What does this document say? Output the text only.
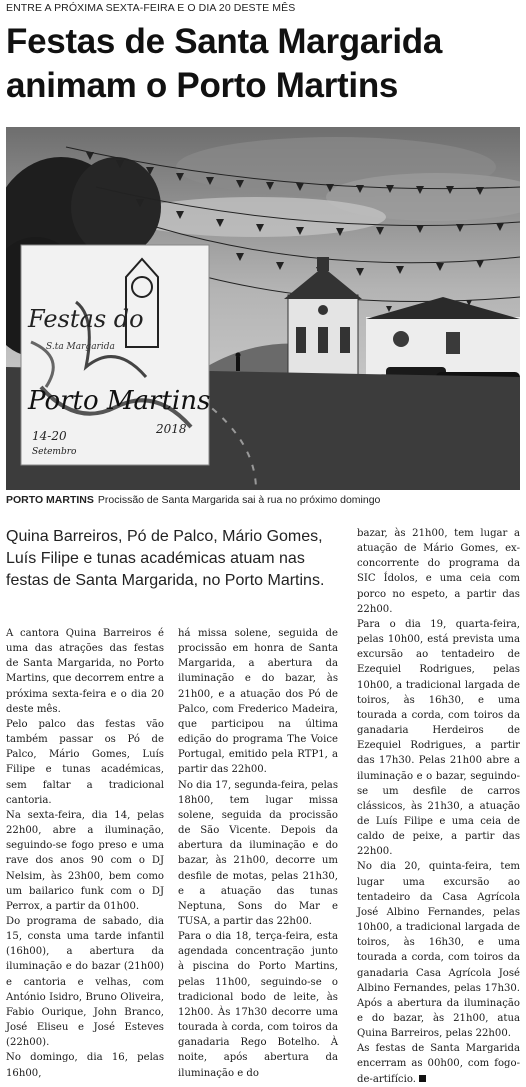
ENTRE A PRÓXIMA SEXTA-FEIRA E O DIA 20 DESTE MÊS
Festas de Santa Margarida
animam o Porto Martins
Festas do
S.ta Margarida
Porto Martins
14-20
Setembro
2018
PORTO MARTINS Procissão de Santa Margarida sai à rua no próximo domingo

Quina Barreiros, Pó de Palco, Mário Gomes, Luís Filipe e tunas académicas atuam nas festas de Santa Margarida, no Porto Martins.

A cantora Quina Barreiros é uma das atrações das festas de Santa Margarida, no Porto Martins, que decorrem entre a próxima sexta-feira e o dia 20 deste mês.

Pelo palco das festas vão também passar os Pó de Palco, Mário Gomes, Luís Filipe e tunas académicas, sem faltar a tradicional cantoria.

Na sexta-feira, dia 14, pelas 22h00, abre a iluminação, seguindo-se fogo preso e uma rave dos anos 90 com o DJ Nelsim, às 23h00, bem como um bailarico funk com o DJ Perrox, a partir da 01h00.

Do programa de sabado, dia 15, consta uma tarde infantil (16h00), a abertura da iluminação e do bazar (21h00) e cantoria e velhas, com António Isidro, Bruno Oliveira, Fabio Ourique, John Branco, José Eliseu e José Esteves (22h00).

No domingo, dia 16, pelas 16h00,

há missa solene, seguida de procissão em honra de Santa Margarida, a abertura da iluminação e do bazar, às 21h00, e a atuação dos Pó de Palco, com Frederico Madeira, que participou na última edição do programa The Voice Portugal, emitido pela RTP1, a partir das 22h00.

No dia 17, segunda-feira, pelas 18h00, tem lugar missa solene, seguida da procissão de São Vicente. Depois da abertura da iluminação e do bazar, às 21h00, decorre um desfile de motas, pelas 21h30, e a atuação das tunas Neptuna, Sons do Mar e TUSA, a partir das 22h00.

Para o dia 18, terça-feira, esta agendada concentração junto à piscina do Porto Martins, pelas 11h00, seguindo-se o tradicional bodo de leite, às 12h00. Às 17h30 decorre uma tourada à corda, com toiros da ganadaria Rego Botelho. À noite, após abertura da iluminação e do

bazar, às 21h00, tem lugar a atuação de Mário Gomes, ex-concorrente do programa da SIC Ídolos, e uma ceia com porco no espeto, a partir das 22h00.

Para o dia 19, quarta-feira, pelas 10h00, está prevista uma excursão ao tentadeiro de Ezequiel Rodrigues, pelas 10h00, a tradicional largada de toiros, às 16h30, e uma tourada a corda, com toiros da ganadaria Herdeiros de Ezequiel Rodrigues, a partir das 17h30. Pelas 21h00 abre a iluminação e o bazar, seguindo-se um desfile de carros clássicos, às 21h30, a atuação de Luís Filipe e uma ceia de caldo de peixe, a partir das 22h00.

No dia 20, quinta-feira, tem lugar uma excursão ao tentadeiro da Casa Agrícola José Albino Fernandes, pelas 10h00, a tradicional largada de toiros, às 16h30, e uma tourada a corda, com toiros da ganadaria Casa Agrícola José Albino Fernandes, pelas 17h30. Após a abertura da iluminação e do bazar, às 21h00, atua Quina Barreiros, pelas 22h00.

As festas de Santa Margarida encerram as 00h00, com fogo-de-artifício.
